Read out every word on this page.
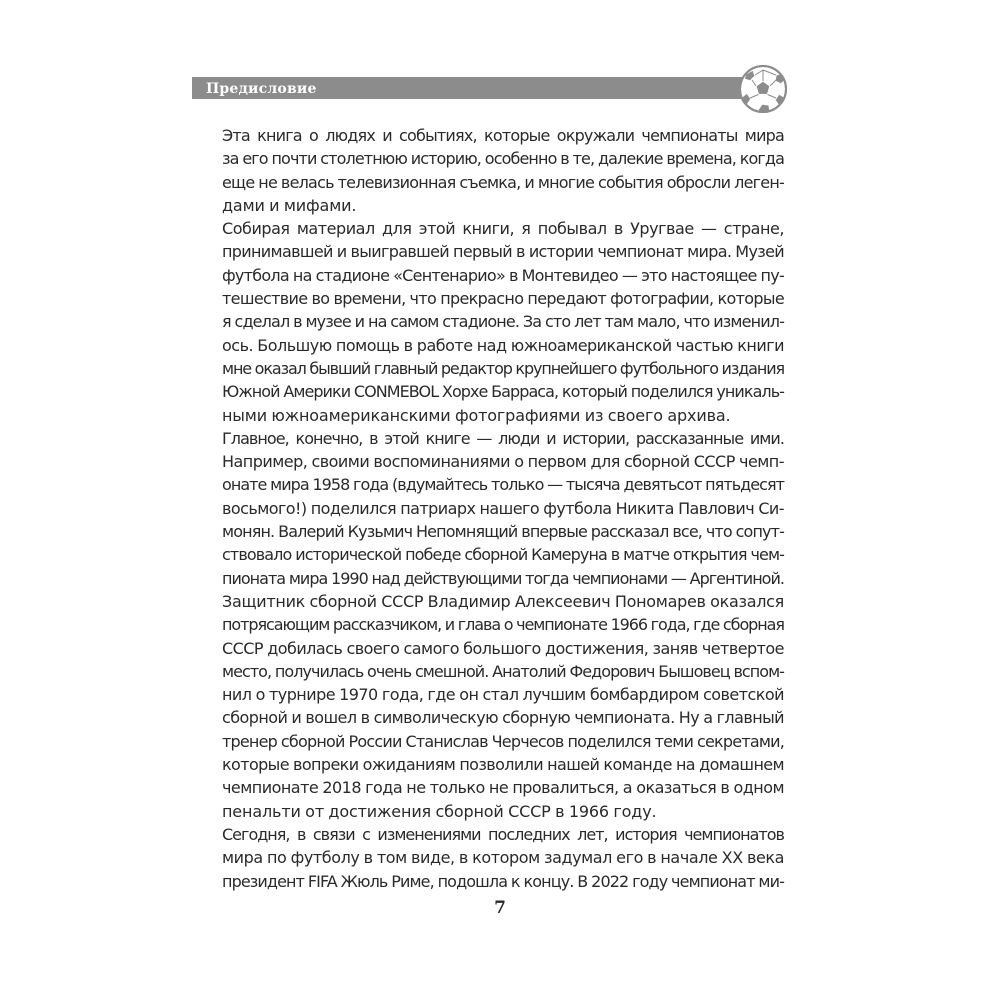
Предисловие
Эта книга о людях и событиях, которые окружали чемпионаты мира
за его почти столетнюю историю, особенно в те, далекие времена, когда
еще не велась телевизионная съемка, и многие события обросли леген-
дами и мифами.
Собирая материал для этой книги, я побывал в Уругвае — стране,
принимавшей и выигравшей первый в истории чемпионат мира. Музей
футбола на стадионе «Сентенарио» в Монтевидео — это настоящее пу-
тешествие во времени, что прекрасно передают фотографии, которые
я сделал в музее и на самом стадионе. За сто лет там мало, что изменил-
ось. Большую помощь в работе над южноамериканской частью книги
мне оказал бывший главный редактор крупнейшего футбольного издания
Южной Америки CONMEBOL Хорхе Барраса, который поделился уникаль-
ными южноамериканскими фотографиями из своего архива.
Главное, конечно, в этой книге — люди и истории, рассказанные ими.
Например, своими воспоминаниями о первом для сборной СССР чемп-
онате мира 1958 года (вдумайтесь только — тысяча девятьсот пятьдесят
восьмого!) поделился патриарх нашего футбола Никита Павлович Си-
монян. Валерий Кузьмич Непомнящий впервые рассказал все, что сопут-
ствовало исторической победе сборной Камеруна в матче открытия чем-
пионата мира 1990 над действующими тогда чемпионами — Аргентиной.
Защитник сборной СССР Владимир Алексеевич Пономарев оказался
потрясающим рассказчиком, и глава о чемпионате 1966 года, где сборная
СССР добилась своего самого большого достижения, заняв четвертое
место, получилась очень смешной. Анатолий Федорович Бышовец вспом-
нил о турнире 1970 года, где он стал лучшим бомбардиром советской
сборной и вошел в символическую сборную чемпионата. Ну а главный
тренер сборной России Станислав Черчесов поделился теми секретами,
которые вопреки ожиданиям позволили нашей команде на домашнем
чемпионате 2018 года не только не провалиться, а оказаться в одном
пенальти от достижения сборной СССР в 1966 году.
Сегодня, в связи с изменениями последних лет, история чемпионатов
мира по футболу в том виде, в котором задумал его в начале XX века
президент FIFA Жюль Риме, подошла к концу. В 2022 году чемпионат ми-
7
